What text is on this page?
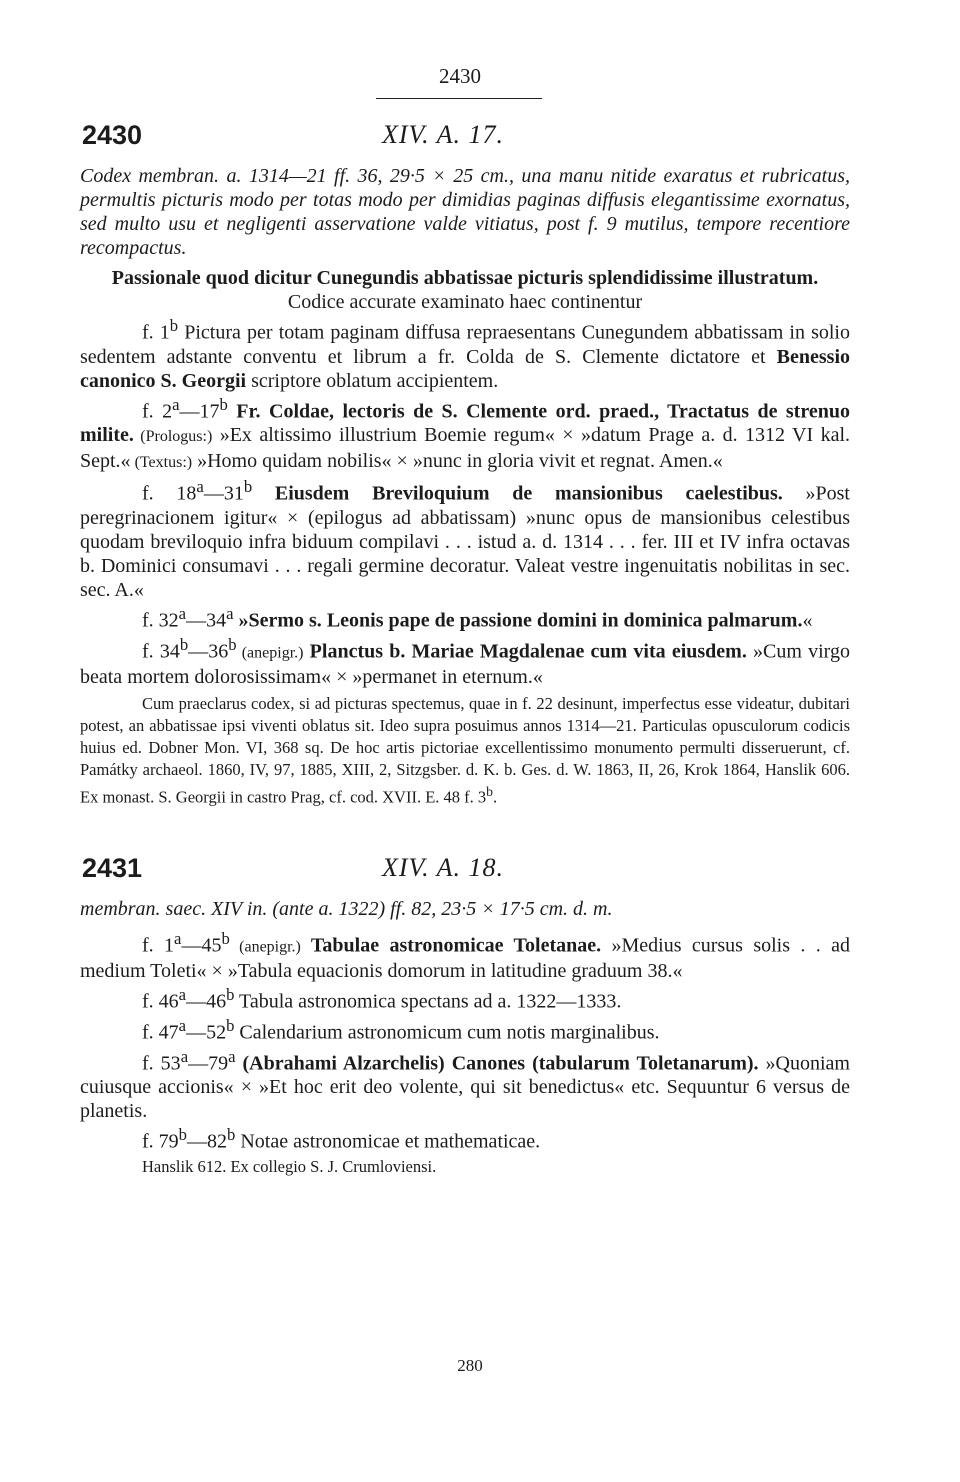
2430
2430	XIV. A. 17.

Codex membran. a. 1314—21 ff. 36, 29·5 × 25 cm., una manu nitide exaratus et rubricatus, permultis picturis modo per totas modo per dimidias paginas diffusis elegantissime exornatus, sed multo usu et negligenti asservatione valde vitiatus, post f. 9 mutilus, tempore recentiore recompactus.

Passionale quod dicitur Cunegundis abbatissae picturis splendidissime illustratum.

Codice accurate examinato haec continentur

f. 1$^b$ Pictura per totam paginam diffusa repraesentans Cunegundem abbatissam in solio sedentem adstante conventu et librum a fr. Colda de S. Clemente dictatore et Benessio canonico S. Georgii scriptore oblatum accipientem.

f. 2$^a$—17$^b$ Fr. Coldae, lectoris de S. Clemente ord. praed., Tractatus de strenuo milite. (Prologus:) »Ex altissimo illustrium Boemie regum« × »datum Prage a. d. 1312 VI kal. Sept.« (Textus:) »Homo quidam nobilis« × »nunc in gloria vivit et regnat. Amen.«

f. 18$^a$—31$^b$ Eiusdem Breviloquium de mansionibus caelestibus. »Post peregrinacionem igitur« × (epilogus ad abbatissam) »nunc opus de mansionibus celestibus quodam breviloquio infra biduum compilavi . . . istud a. d. 1314 . . . fer. III et IV infra octavas b. Dominici consumavi . . . regali germine decoratur. Valeat vestre ingenuitatis nobilitas in sec. sec. A.«

f. 32$^a$—34$^a$ »Sermo s. Leonis pape de passione domini in dominica palmarum.«

f. 34$^b$—36$^b$ (anepigr.) Planctus b. Mariae Magdalenae cum vita eiusdem. »Cum virgo beata mortem dolorosissimam« × »permanet in eternum.«

Cum praeclarus codex, si ad picturas spectemus, quae in f. 22 desinunt, imperfectus esse videatur, dubitari potest, an abbatissae ipsi viventi oblatus sit. Ideo supra posuimus annos 1314—21. Particulas opusculorum codicis huius ed. Dobner Mon. VI, 368 sq. De hoc artis pictoriae excellentissimo monumento permulti disseruerunt, cf. Památky archaeol. 1860, IV, 97, 1885, XIII, 2, Sitzgsber. d. K. b. Ges. d. W. 1863, II, 26, Krok 1864, Hanslik 606. Ex monast. S. Georgii in castro Prag, cf. cod. XVII. E. 48 f. 3$^b$.

2431	XIV. A. 18.

membran. saec. XIV in. (ante a. 1322) ff. 82, 23·5 × 17·5 cm. d. m.

f. 1$^a$—45$^b$ (anepigr.) Tabulae astronomicae Toletanae. »Medius cursus solis . . ad medium Toleti« × »Tabula equacionis domorum in latitudine graduum 38.«

f. 46$^a$—46$^b$ Tabula astronomica spectans ad a. 1322—1333.

f. 47$^a$—52$^b$ Calendarium astronomicum cum notis marginalibus.

f. 53$^a$—79$^a$ (Abrahami Alzarchelis) Canones (tabularum Toletanarum). »Quoniam cuiusque accionis« × »Et hoc erit deo volente, qui sit benedictus« etc. Sequuntur 6 versus de planetis.

f. 79$^b$—82$^b$ Notae astronomicae et mathematicae.

Hanslik 612. Ex collegio S. J. Crumloviensi.

280
